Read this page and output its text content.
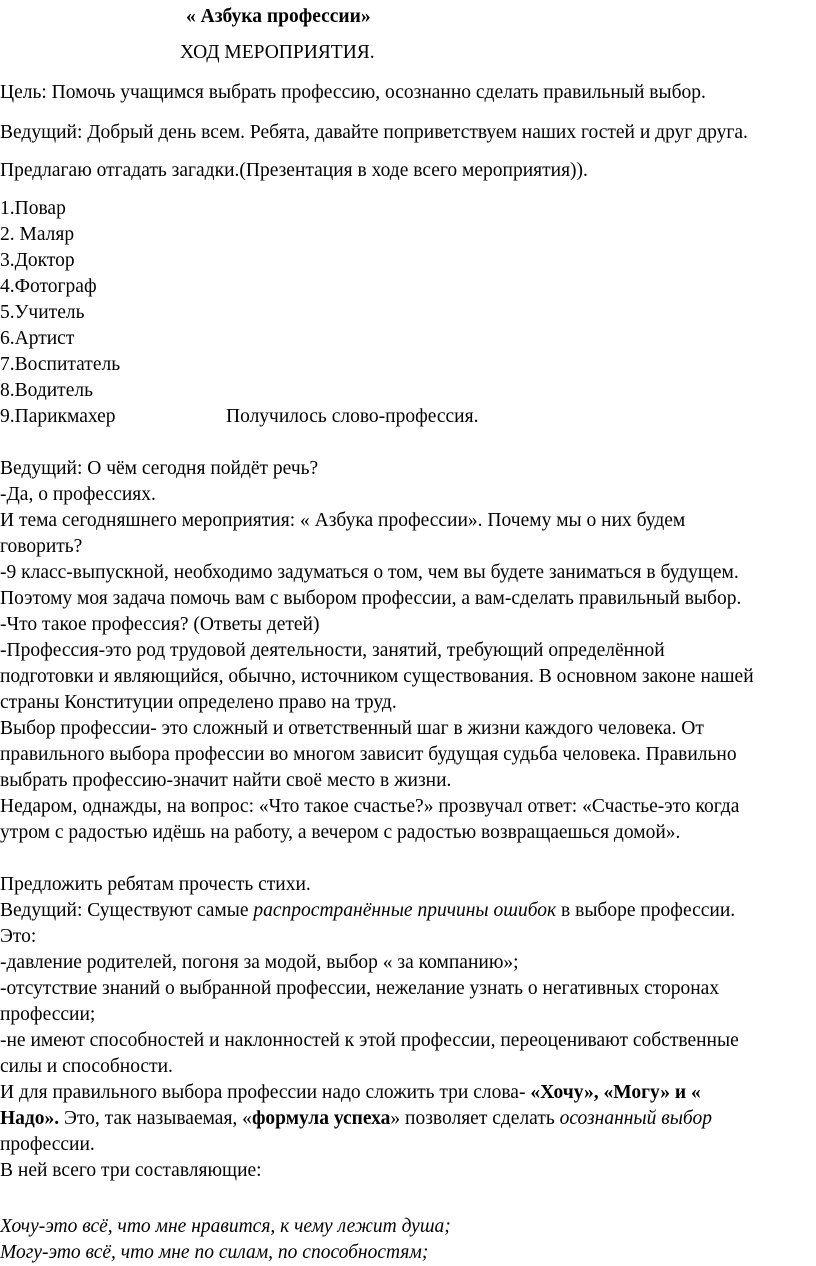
« Азбука профессии»
ХОД МЕРОПРИЯТИЯ.
Цель: Помочь учащимся выбрать профессию, осознанно сделать правильный выбор.
Ведущий: Добрый день всем. Ребята, давайте поприветствуем наших гостей и друг друга.
Предлагаю отгадать загадки.(Презентация в ходе всего мероприятия)).
1.Повар
2. Маляр
3.Доктор
4.Фотограф
5.Учитель
6.Артист
7.Воспитатель
8.Водитель
9.Парикмахер	Получилось слово-профессия.
Ведущий: О чём сегодня пойдёт речь?
-Да, о профессиях.
И тема сегодняшнего мероприятия: « Азбука профессии». Почему мы о них будем
говорить?
-9 класс-выпускной, необходимо задуматься о том, чем вы будете заниматься в будущем.
Поэтому моя задача помочь вам с выбором профессии, а вам-сделать правильный выбор.
-Что такое профессия? (Ответы детей)
-Профессия-это род трудовой деятельности, занятий, требующий определённой
подготовки и являющийся, обычно, источником существования. В основном законе нашей
страны Конституции определено право на труд.
Выбор профессии- это сложный и ответственный шаг в жизни каждого человека. От
правильного выбора профессии во многом зависит будущая судьба человека. Правильно
выбрать профессию-значит найти своё место в жизни.
Недаром, однажды, на вопрос: «Что такое счастье?» прозвучал ответ: «Счастье-это когда
утром с радостью идёшь на работу, а вечером с радостью возвращаешься домой».
Предложить ребятам прочесть стихи.
Ведущий: Существуют самые распространённые причины ошибок в выборе профессии.
Это:
-давление родителей, погоня за модой, выбор « за компанию»;
-отсутствие знаний о выбранной профессии, нежелание узнать о негативных сторонах
профессии;
-не имеют способностей и наклонностей к этой профессии, переоценивают собственные
силы и способности.
И для правильного выбора профессии надо сложить три слова- «Хочу», «Могу» и «
Надо». Это, так называемая, «формула успеха» позволяет сделать осознанный выбор
профессии.
В ней всего три составляющие:
Хочу-это всё, что мне нравится, к чему лежит душа;
Могу-это всё, что мне по силам, по способностям;
